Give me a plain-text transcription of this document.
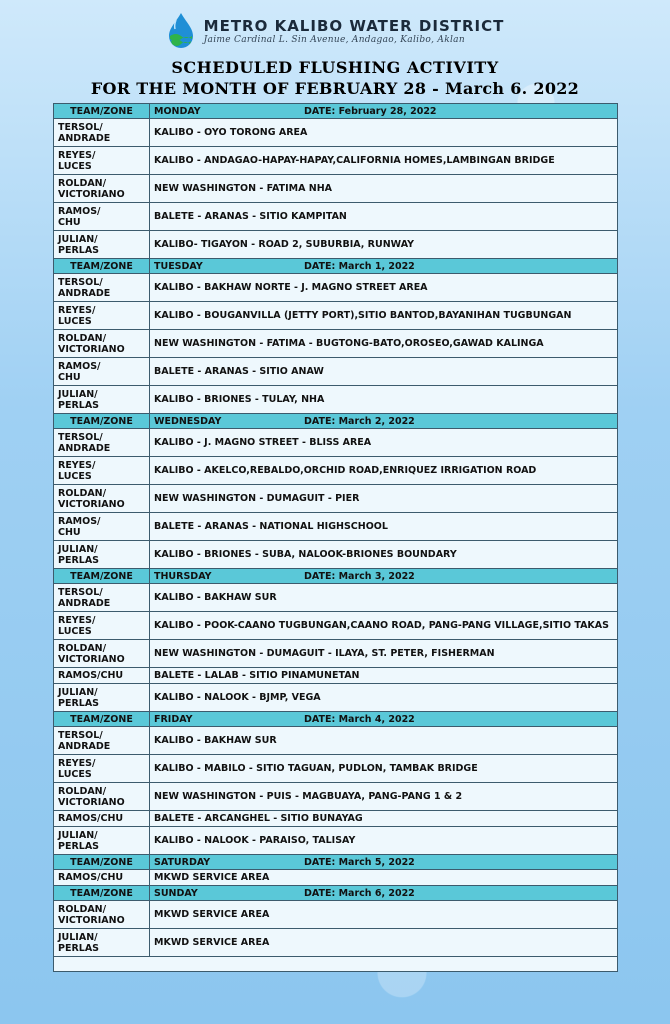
METRO KALIBO WATER DISTRICT
Jaime Cardinal L. Sin Avenue, Andagao, Kalibo, Aklan
SCHEDULED FLUSHING ACTIVITY
FOR THE MONTH OF FEBRUARY 28 - March 6. 2022
TEAM/ZONE	MONDAY DATE: February 28, 2022

TERSOL/
ANDRADE	KALIBO - OYO TORONG AREA

REYES/
LUCES	KALIBO - ANDAGAO-HAPAY-HAPAY,CALIFORNIA HOMES,LAMBINGAN BRIDGE

ROLDAN/
VICTORIANO	NEW WASHINGTON - FATIMA NHA

RAMOS/
CHU	BALETE - ARANAS - SITIO KAMPITAN

JULIAN/
PERLAS	KALIBO- TIGAYON - ROAD 2, SUBURBIA, RUNWAY
TEAM/ZONE	TUESDAY DATE: March 1, 2022

TERSOL/
ANDRADE	KALIBO - BAKHAW NORTE - J. MAGNO STREET AREA

REYES/
LUCES	KALIBO - BOUGANVILLA (JETTY PORT),SITIO BANTOD,BAYANIHAN TUGBUNGAN

ROLDAN/
VICTORIANO	NEW WASHINGTON - FATIMA - BUGTONG-BATO,OROSEO,GAWAD KALINGA

RAMOS/
CHU	BALETE - ARANAS - SITIO ANAW

JULIAN/
PERLAS	KALIBO - BRIONES - TULAY, NHA
TEAM/ZONE	WEDNESDAY DATE: March 2, 2022

TERSOL/
ANDRADE	KALIBO - J. MAGNO STREET - BLISS AREA

REYES/
LUCES	KALIBO - AKELCO,REBALDO,ORCHID ROAD,ENRIQUEZ IRRIGATION ROAD

ROLDAN/
VICTORIANO	NEW WASHINGTON - DUMAGUIT - PIER

RAMOS/
CHU	BALETE - ARANAS - NATIONAL HIGHSCHOOL

JULIAN/
PERLAS	KALIBO - BRIONES - SUBA, NALOOK-BRIONES BOUNDARY
TEAM/ZONE	THURSDAY DATE: March 3, 2022

TERSOL/
ANDRADE	KALIBO - BAKHAW SUR

REYES/
LUCES	KALIBO - POOK-CAANO TUGBUNGAN,CAANO ROAD, PANG-PANG VILLAGE,SITIO TAKAS

ROLDAN/
VICTORIANO	NEW WASHINGTON - DUMAGUIT - ILAYA, ST. PETER, FISHERMAN

RAMOS/CHU	BALETE - LALAB - SITIO PINAMUNETAN

JULIAN/
PERLAS	KALIBO - NALOOK - BJMP, VEGA
TEAM/ZONE	FRIDAY DATE: March 4, 2022

TERSOL/
ANDRADE	KALIBO - BAKHAW SUR

REYES/
LUCES	KALIBO - MABILO - SITIO TAGUAN, PUDLON, TAMBAK BRIDGE

ROLDAN/
VICTORIANO	NEW WASHINGTON - PUIS - MAGBUAYA, PANG-PANG 1 & 2

RAMOS/CHU	BALETE - ARCANGHEL - SITIO BUNAYAG

JULIAN/
PERLAS	KALIBO - NALOOK - PARAISO, TALISAY
TEAM/ZONE	SATURDAY DATE: March 5, 2022

RAMOS/CHU	MKWD SERVICE AREA
TEAM/ZONE	SUNDAY DATE: March 6, 2022

ROLDAN/
VICTORIANO	MKWD SERVICE AREA

JULIAN/
PERLAS	MKWD SERVICE AREA
